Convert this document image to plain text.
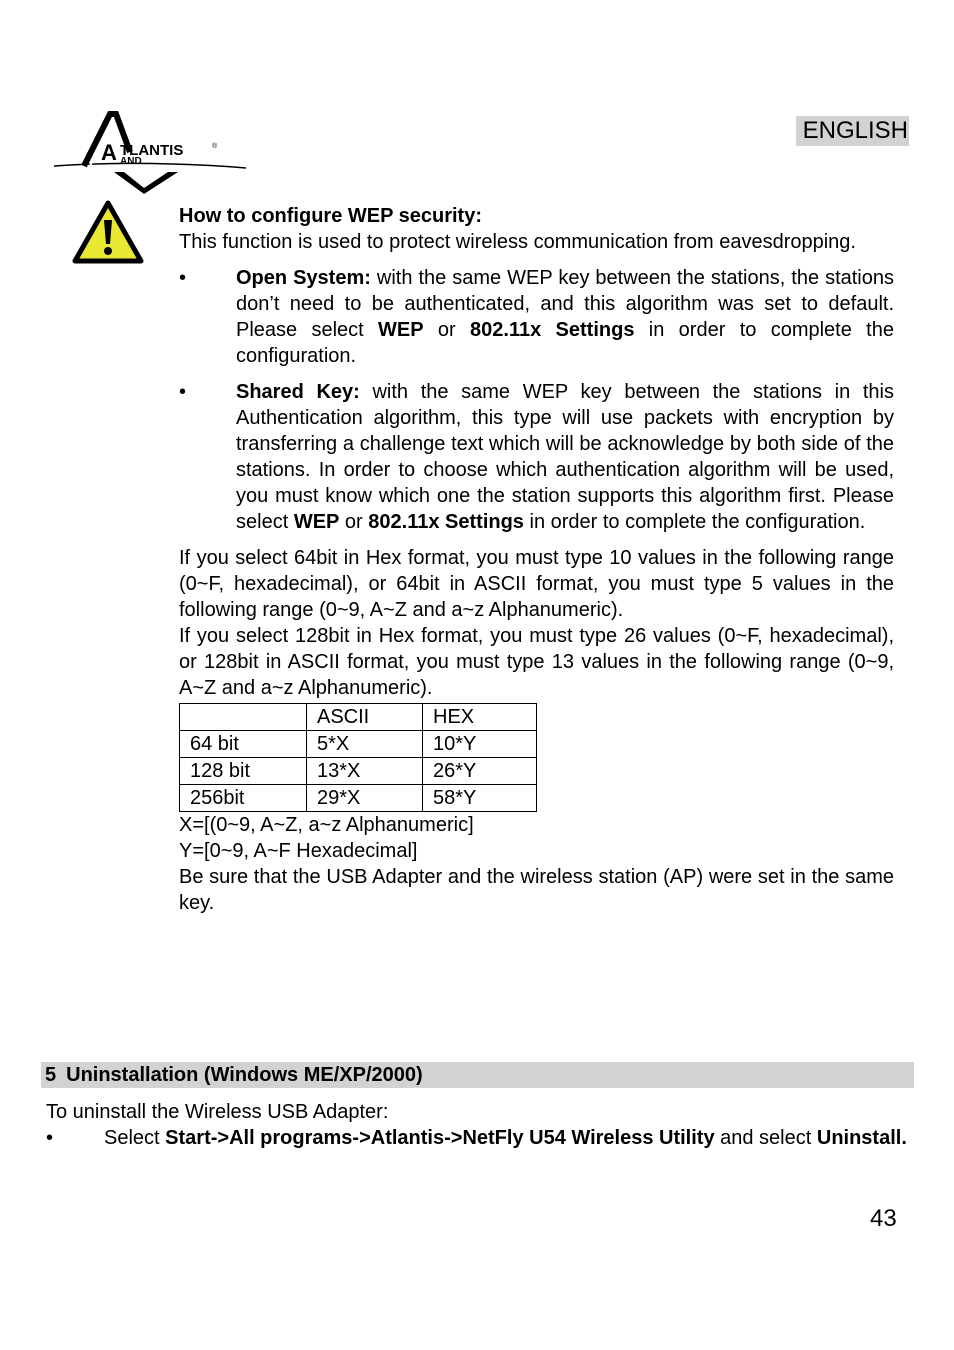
A TLANTIS	®
AND
ENGLISH

How to configure WEP security:

This function is used to protect wireless communication from eavesdropping.

• Open System: with the same WEP key between the stations, the stations don’t need to be authenticated, and this algorithm was set to default. Please select WEP or 802.11x Settings in order to complete the configuration.
• Shared Key: with the same WEP key between the stations in this Authentication algorithm, this type will use packets with encryption by transferring a challenge text which will be acknowledge by both side of the stations. In order to choose which authentication algorithm will be used, you must know which one the station supports this algorithm first. Please select WEP or 802.11x Settings in order to complete the configuration.

If you select 64bit in Hex format, you must type 10 values in the following range (0~F, hexadecimal), or 64bit in ASCII format, you must type 5 values in the following range (0~9, A~Z and a~z Alphanumeric).

If you select 128bit in Hex format, you must type 26 values (0~F, hexadecimal), or 128bit in ASCII format, you must type 13 values in the following range (0~9, A~Z and a~z Alphanumeric).

	ASCII	HEX
64 bit	5*X	10*Y
128 bit	13*X	26*Y
256bit	29*X	58*Y

X=[(0~9, A~Z, a~z Alphanumeric]

Y=[0~9, A~F Hexadecimal]

Be sure that the USB Adapter and the wireless station (AP) were set in the same key.

5 Uninstallation (Windows ME/XP/2000)

To uninstall the Wireless USB Adapter:

•	Select Start->All programs->Atlantis->NetFly U54 Wireless Utility and select Uninstall.

43
